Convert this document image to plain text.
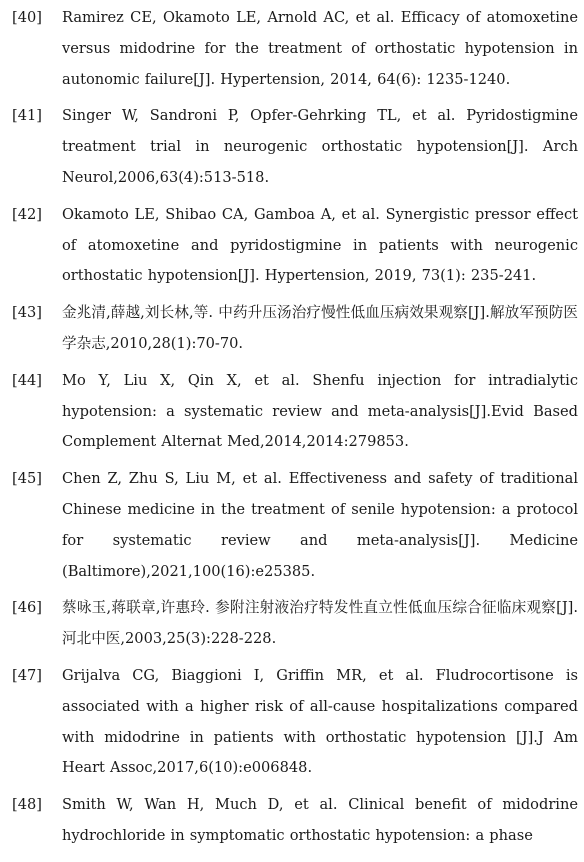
[40] Ramirez CE, Okamoto LE, Arnold AC, et al. Efficacy of atomoxetine versus midodrine for the treatment of orthostatic hypotension in autonomic failure[J]. Hypertension, 2014, 64(6): 1235-1240.
[41] Singer W, Sandroni P, Opfer-Gehrking TL, et al. Pyridostigmine treatment trial in neurogenic orthostatic hypotension[J]. Arch Neurol,2006,63(4):513-518.
[42] Okamoto LE, Shibao CA, Gamboa A, et al. Synergistic pressor effect of atomoxetine and pyridostigmine in patients with neurogenic orthostatic hypotension[J]. Hypertension, 2019, 73(1): 235-241.
[43] 金兆清,薛越,刘长林,等. 中药升压汤治疗慢性低血压病效果观察[J].解放军预防医学杂志,2010,28(1):70-70.
[44] Mo Y, Liu X, Qin X, et al. Shenfu injection for intradialytic hypotension: a systematic review and meta-analysis[J].Evid Based Complement Alternat Med,2014,2014:279853.
[45] Chen Z, Zhu S, Liu M, et al. Effectiveness and safety of traditional Chinese medicine in the treatment of senile hypotension: a protocol for systematic review and meta-analysis[J]. Medicine (Baltimore),2021,100(16):e25385.
[46] 蔡咏玉,蒋联章,许惠玲. 参附注射液治疗特发性直立性低血压综合征临床观察[J].河北中医,2003,25(3):228-228.
[47] Grijalva CG, Biaggioni I, Griffin MR, et al. Fludrocortisone is associated with a higher risk of all-cause hospitalizations compared with midodrine in patients with orthostatic hypotension [J].J Am Heart Assoc,2017,6(10):e006848.
[48] Smith W, Wan H, Much D, et al. Clinical benefit of midodrine hydrochloride in symptomatic orthostatic hypotension: a phase
